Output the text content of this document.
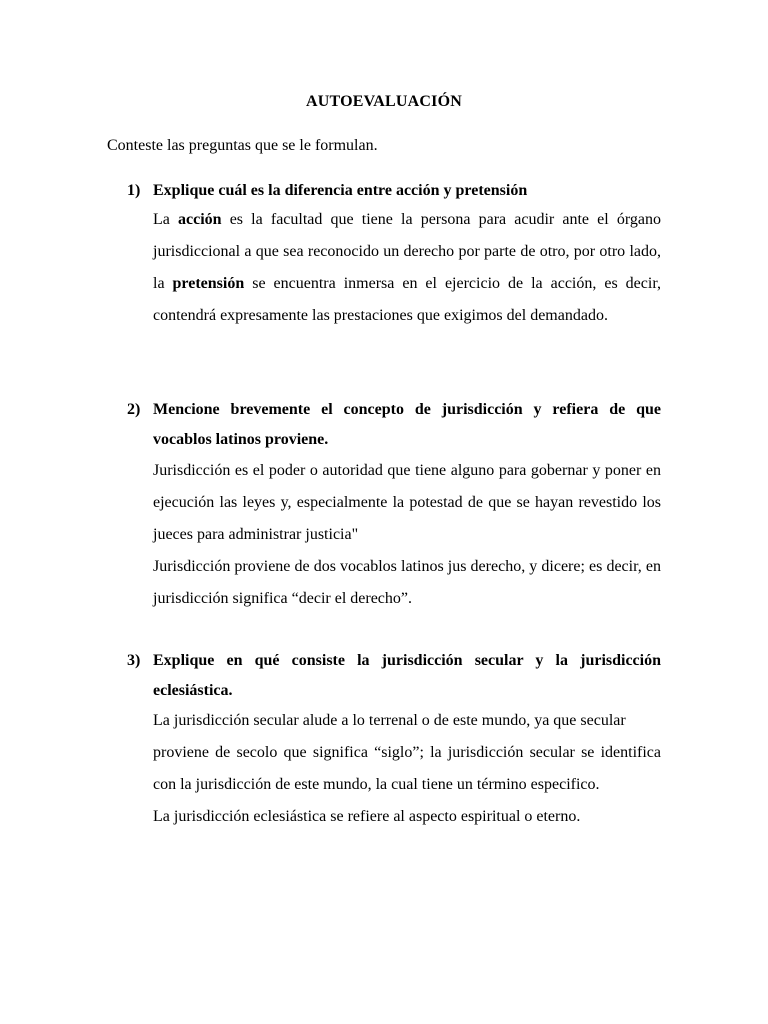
AUTOEVALUACIÓN
Conteste las preguntas que se le formulan.
1) Explique cuál es la diferencia entre acción y pretensión

La acción es la facultad que tiene la persona para acudir ante el órgano jurisdiccional a que sea reconocido un derecho por parte de otro, por otro lado, la pretensión se encuentra inmersa en el ejercicio de la acción, es decir, contendrá expresamente las prestaciones que exigimos del demandado.

2) Mencione brevemente el concepto de jurisdicción y refiera de que vocablos latinos proviene.

Jurisdicción es el poder o autoridad que tiene alguno para gobernar y poner en ejecución las leyes y, especialmente la potestad de que se hayan revestido los jueces para administrar justicia"

Jurisdicción proviene de dos vocablos latinos jus derecho, y dicere; es decir, en jurisdicción significa “decir el derecho”.

3) Explique en qué consiste la jurisdicción secular y la jurisdicción eclesiástica.

La jurisdicción secular alude a lo terrenal o de este mundo, ya que secular

proviene de secolo que significa “siglo”; la jurisdicción secular se identifica con la jurisdicción de este mundo, la cual tiene un término especifico.

La jurisdicción eclesiástica se refiere al aspecto espiritual o eterno.
